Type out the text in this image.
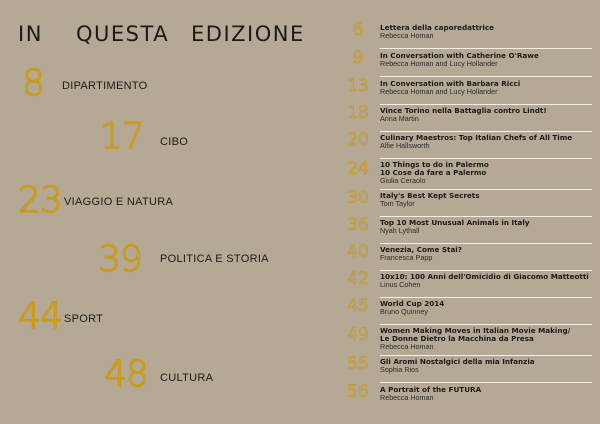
IN QUESTA EDIZIONE
8 DIPARTIMENTO
17 CIBO
23 VIAGGIO E NATURA
39 POLITICA E STORIA
44 SPORT
48 CULTURA
6	Lettera della caporedattrice
Rebecca Homan
9	In Conversation with Catherine O'Rawe
Rebecca Homan and Lucy Hollander
13	In Conversation with Barbara Ricci
Rebecca Homan and Lucy Hollander
18	Vince Torino nella Battaglia contro Lindt!
Anna Martin
20	Culinary Maestros: Top Italian Chefs of All Time
Alfie Hallsworth
24	10 Things to do in Palermo
10 Cose da fare a Palermo
Giulia Ceraolo
30	Italy's Best Kept Secrets
Tom Taylor
36	Top 10 Most Unusual Animals in Italy
Nyah Lythall
40	Venezia, Come Stai?
Francesca Papp
42	10x10: 100 Anni dell'Omicidio di Giacomo Matteotti
Linus Cohen
45	World Cup 2014
Bruno Quinney
49	Women Making Moves in Italian Movie Making/
Le Donne Dietro la Macchina da Presa
Rebecca Homan
55	Gli Aromi Nostalgici della mia Infanzia
Sophia Rios
56	A Portrait of the FUTURA
Rebecca Homan
